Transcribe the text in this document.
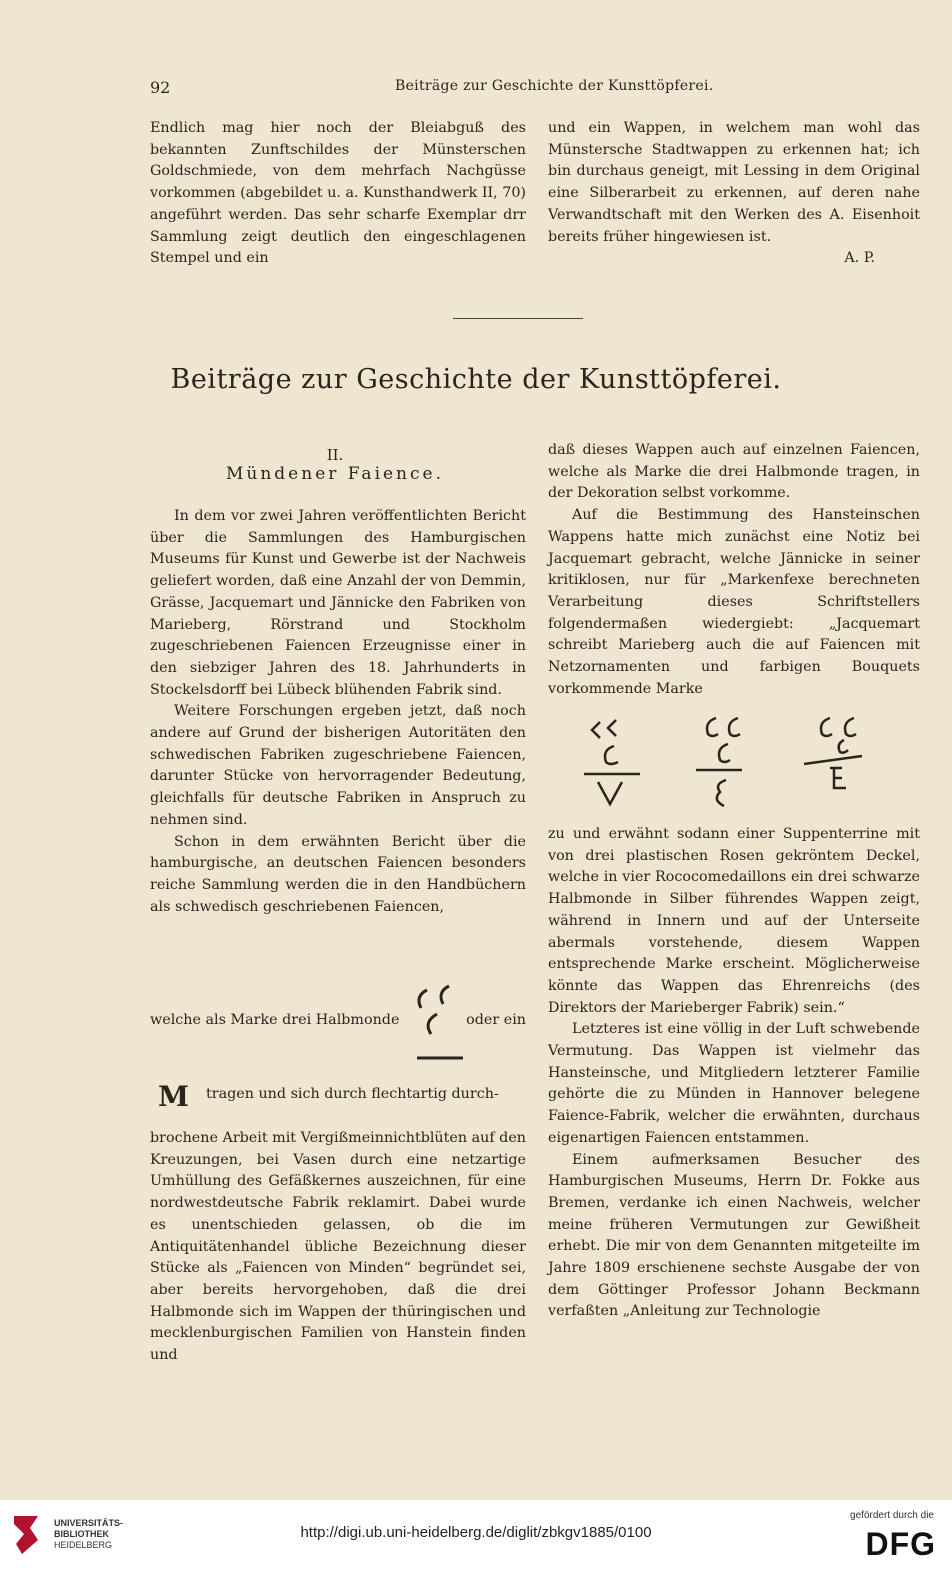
92	Beiträge zur Geschichte der Kunsttöpferei.

Endlich mag hier noch der Bleiabguß des bekannten Zunftschildes der Münsterschen Goldschmiede, von dem mehrfach Nachgüsse vorkommen (abgebildet u. a. Kunsthandwerk II, 70) angeführt werden. Das sehr scharfe Exemplar drr Sammlung zeigt deutlich den eingeschlagenen Stempel und ein

und ein Wappen, in welchem man wohl das Münstersche Stadtwappen zu erkennen hat; ich bin durchaus geneigt, mit Lessing in dem Original eine Silberarbeit zu erkennen, auf deren nahe Verwandtschaft mit den Werken des A. Eisenhoit bereits früher hingewiesen ist.

A. P.

Beiträge zur Geschichte der Kunsttöpferei.
II.
Mündener Faience.

In dem vor zwei Jahren veröffentlichten Bericht über die Sammlungen des Hamburgischen Museums für Kunst und Gewerbe ist der Nachweis geliefert worden, daß eine Anzahl der von Demmin, Grässe, Jacquemart und Jännicke den Fabriken von Marieberg, Rörstrand und Stockholm zugeschriebenen Faiencen Erzeugnisse einer in den siebziger Jahren des 18. Jahrhunderts in Stockelsdorff bei Lübeck blühenden Fabrik sind.

Weitere Forschungen ergeben jetzt, daß noch andere auf Grund der bisherigen Autoritäten den schwedischen Fabriken zugeschriebene Faiencen, darunter Stücke von hervorragender Bedeutung, gleichfalls für deutsche Fabriken in Anspruch zu nehmen sind.

Schon in dem erwähnten Bericht über die hamburgische, an deutschen Faiencen besonders reiche Sammlung werden die in den Handbüchern als schwedisch geschriebenen Faiencen,

welche als Marke drei Halbmonde	oder ein
M tragen und sich durch flechtartig durch-

brochene Arbeit mit Vergißmeinnichtblüten auf den Kreuzungen, bei Vasen durch eine netzartige Umhüllung des Gefäßkernes auszeichnen, für eine nordwestdeutsche Fabrik reklamirt. Dabei wurde es unentschieden gelassen, ob die im Antiquitätenhandel übliche Bezeichnung dieser Stücke als „Faiencen von Minden“ begründet sei, aber bereits hervorgehoben, daß die drei Halbmonde sich im Wappen der thüringischen und mecklenburgischen Familien von Hanstein finden und

daß dieses Wappen auch auf einzelnen Faiencen, welche als Marke die drei Halbmonde tragen, in der Dekoration selbst vorkomme.

Auf die Bestimmung des Hansteinschen Wappens hatte mich zunächst eine Notiz bei Jacquemart gebracht, welche Jännicke in seiner kritiklosen, nur für „Markenfexe berechneten Verarbeitung dieses Schriftstellers folgendermaßen wiedergiebt: „Jacquemart schreibt Marieberg auch die auf Faiencen mit Netzornamenten und farbigen Bouquets vorkommende Marke

zu und erwähnt sodann einer Suppenterrine mit von drei plastischen Rosen gekröntem Deckel, welche in vier Rococomedaillons ein drei schwarze Halbmonde in Silber führendes Wappen zeigt, während in Innern und auf der Unterseite abermals vorstehende, diesem Wappen entsprechende Marke erscheint. Möglicherweise könnte das Wappen das Ehrenreichs (des Direktors der Marieberger Fabrik) sein.“

Letzteres ist eine völlig in der Luft schwebende Vermutung. Das Wappen ist vielmehr das Hansteinsche, und Mitgliedern letzterer Familie gehörte die zu Münden in Hannover belegene Faience-Fabrik, welcher die erwähnten, durchaus eigenartigen Faiencen entstammen.

Einem aufmerksamen Besucher des Hamburgischen Museums, Herrn Dr. Fokke aus Bremen, verdanke ich einen Nachweis, welcher meine früheren Vermutungen zur Gewißheit erhebt. Die mir von dem Genannten mitgeteilte im Jahre 1809 erschienene sechste Ausgabe der von dem Göttinger Professor Johann Beckmann verfaßten „Anleitung zur Technologie

UNIVERSITÄTS-
BIBLIOTHEK
HEIDELBERG
http://digi.ub.uni-heidelberg.de/diglit/zbkgv1885/0100
gefördert durch die
DFG
